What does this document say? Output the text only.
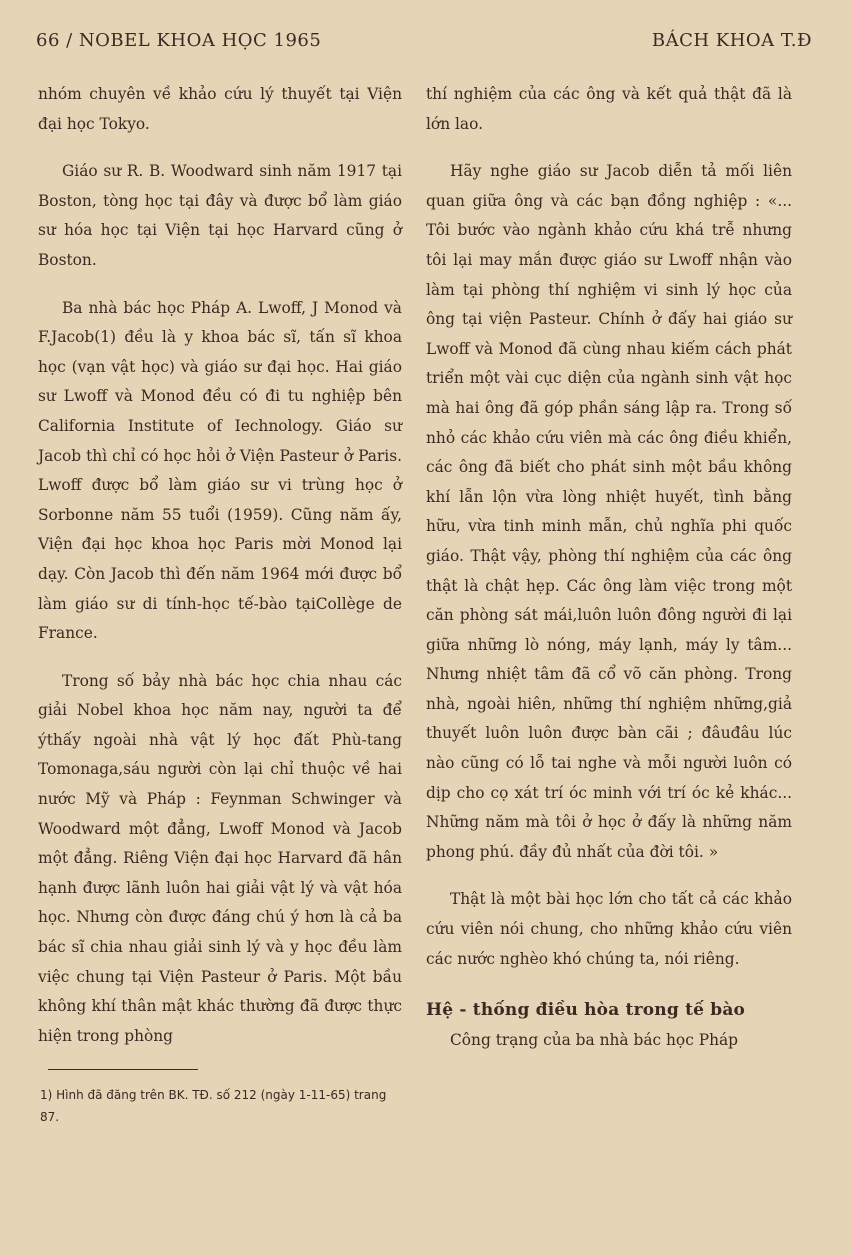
66 / NOBEL KHOA HỌC 1965	BÁCH KHOA T.Đ

nhóm chuyên về khảo cứu lý thuyết tại Viện đại học Tokyo.

Giáo sư R. B. Woodward sinh năm 1917 tại Boston, tòng học tại đây và được bổ làm giáo sư hóa học tại Viện tại học Harvard cũng ở Boston.

Ba nhà bác học Pháp A. Lwoff, J Monod và F.Jacob(1) đều là y khoa bác sĩ, tấn sĩ khoa học (vạn vật học) và giáo sư đại học. Hai giáo sư Lwoff và Monod đều có đi tu nghiệp bên California Institute of Iechnology. Giáo sư Jacob thì chỉ có học hỏi ở Viện Pasteur ở Paris. Lwoff được bổ làm giáo sư vi trùng học ở Sorbonne năm 55 tuổi (1959). Cũng năm ấy, Viện đại học khoa học Paris mời Monod lại dạy. Còn Jacob thì đến năm 1964 mới được bổ làm giáo sư di tính-học tế-bào tạiCollège de France.

Trong số bảy nhà bác học chia nhau các giải Nobel khoa học năm nay, người ta để ýthấy ngoài nhà vật lý học đất Phù-tang Tomonaga,sáu người còn lại chỉ thuộc về hai nước Mỹ và Pháp : Feynman Schwinger và Woodward một đẳng, Lwoff Monod và Jacob một đẳng. Riêng Viện đại học Harvard đã hân hạnh được lãnh luôn hai giải vật lý và vật hóa học. Nhưng còn được đáng chú ý hơn là cả ba bác sĩ chia nhau giải sinh lý và y học đều làm việc chung tại Viện Pasteur ở Paris. Một bầu không khí thân mật khác thường đã được thực hiện trong phòng

1) Hình đã đăng trên BK. TĐ. số 212 (ngày 1-11-65) trang 87.

thí nghiệm của các ông và kết quả thật đã là lớn lao.

Hãy nghe giáo sư Jacob diễn tả mối liên quan giữa ông và các bạn đồng nghiệp : «... Tôi bước vào ngành khảo cứu khá trễ nhưng tôi lại may mắn được giáo sư Lwoff nhận vào làm tại phòng thí nghiệm vi sinh lý học của ông tại viện Pasteur. Chính ở đấy hai giáo sư Lwoff và Monod đã cùng nhau kiếm cách phát triển một vài cục diện của ngành sinh vật học mà hai ông đã góp phần sáng lập ra. Trong số nhỏ các khảo cứu viên mà các ông điều khiển, các ông đã biết cho phát sinh một bầu không khí lẫn lộn vừa lòng nhiệt huyết, tình bằng hữu, vừa tinh minh mẫn, chủ nghĩa phi quốc giáo. Thật vậy, phòng thí nghiệm của các ông thật là chật hẹp. Các ông làm việc trong một căn phòng sát mái,luôn luôn đông người đi lại giữa những lò nóng, máy lạnh, máy ly tâm... Nhưng nhiệt tâm đã cổ võ căn phòng. Trong nhà, ngoài hiên, những thí nghiệm những,giả thuyết luôn luôn được bàn cãi ; đâuđâu lúc nào cũng có lỗ tai nghe và mỗi người luôn có dịp cho cọ xát trí óc minh với trí óc kẻ khác... Những năm mà tôi ở học ở đấy là những năm phong phú. đầy đủ nhất của đời tôi. »

Thật là một bài học lớn cho tất cả các khảo cứu viên nói chung, cho những khảo cứu viên các nước nghèo khó chúng ta, nói riêng.

Hệ - thống điều hòa trong tế bào

Công trạng của ba nhà bác học Pháp
